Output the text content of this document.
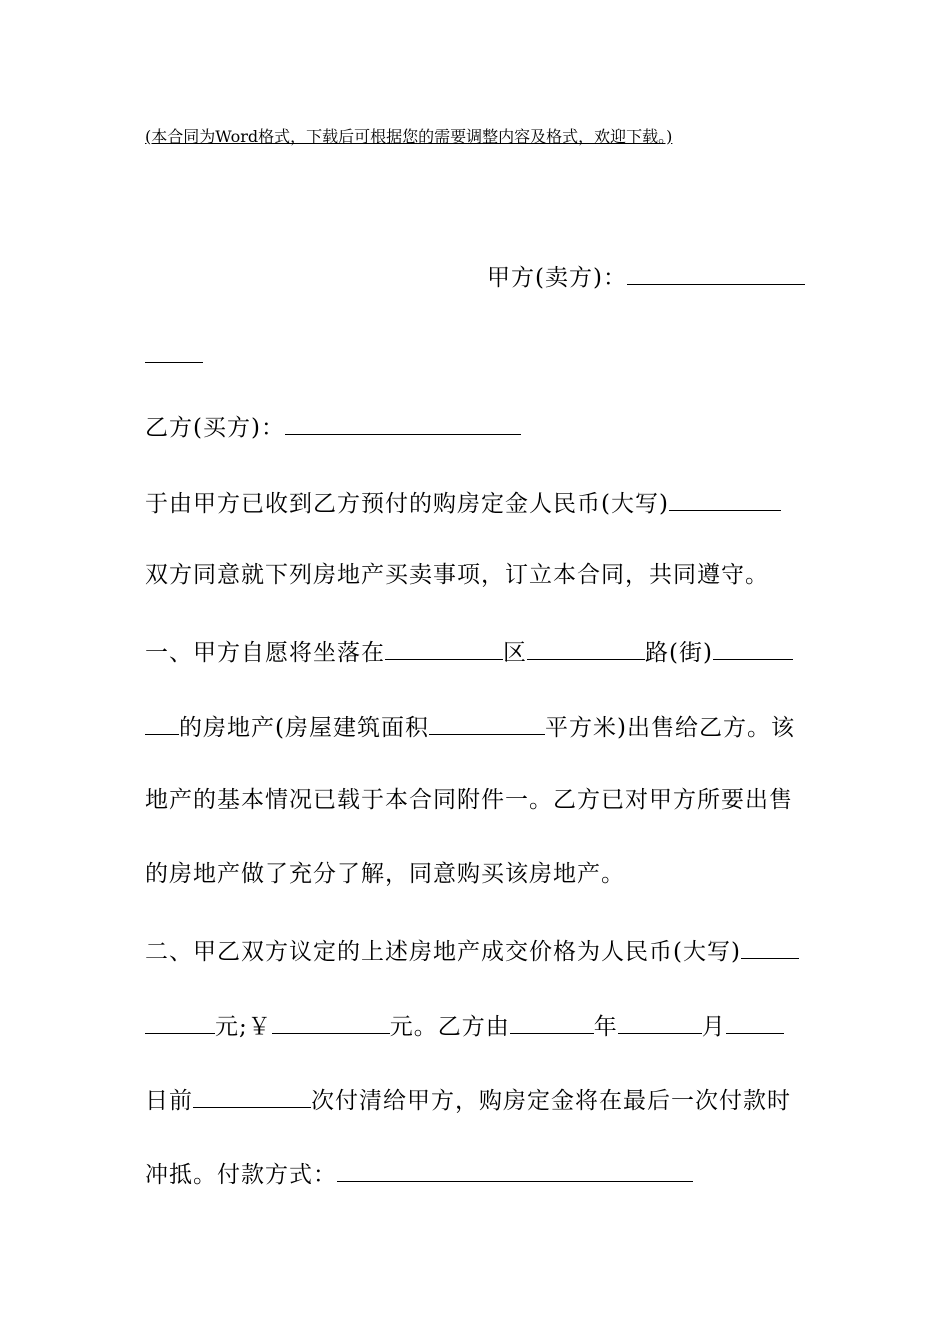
(本合同为Word格式，下载后可根据您的需要调整内容及格式，欢迎下载。)
甲方(卖方)：
乙方(买方)：
于由甲方已收到乙方预付的购房定金人民币(大写)
双方同意就下列房地产买卖事项，订立本合同，共同遵守。
一、甲方自愿将坐落在	区	路(街)
的房地产(房屋建筑面积	平方米)出售给乙方。该
地产的基本情况已载于本合同附件一。乙方已对甲方所要出售
的房地产做了充分了解，同意购买该房地产。
二、甲乙双方议定的上述房地产成交价格为人民币(大写)
元;￥	元。乙方由	年	月
日前	次付清给甲方，购房定金将在最后一次付款时
冲抵。付款方式：
